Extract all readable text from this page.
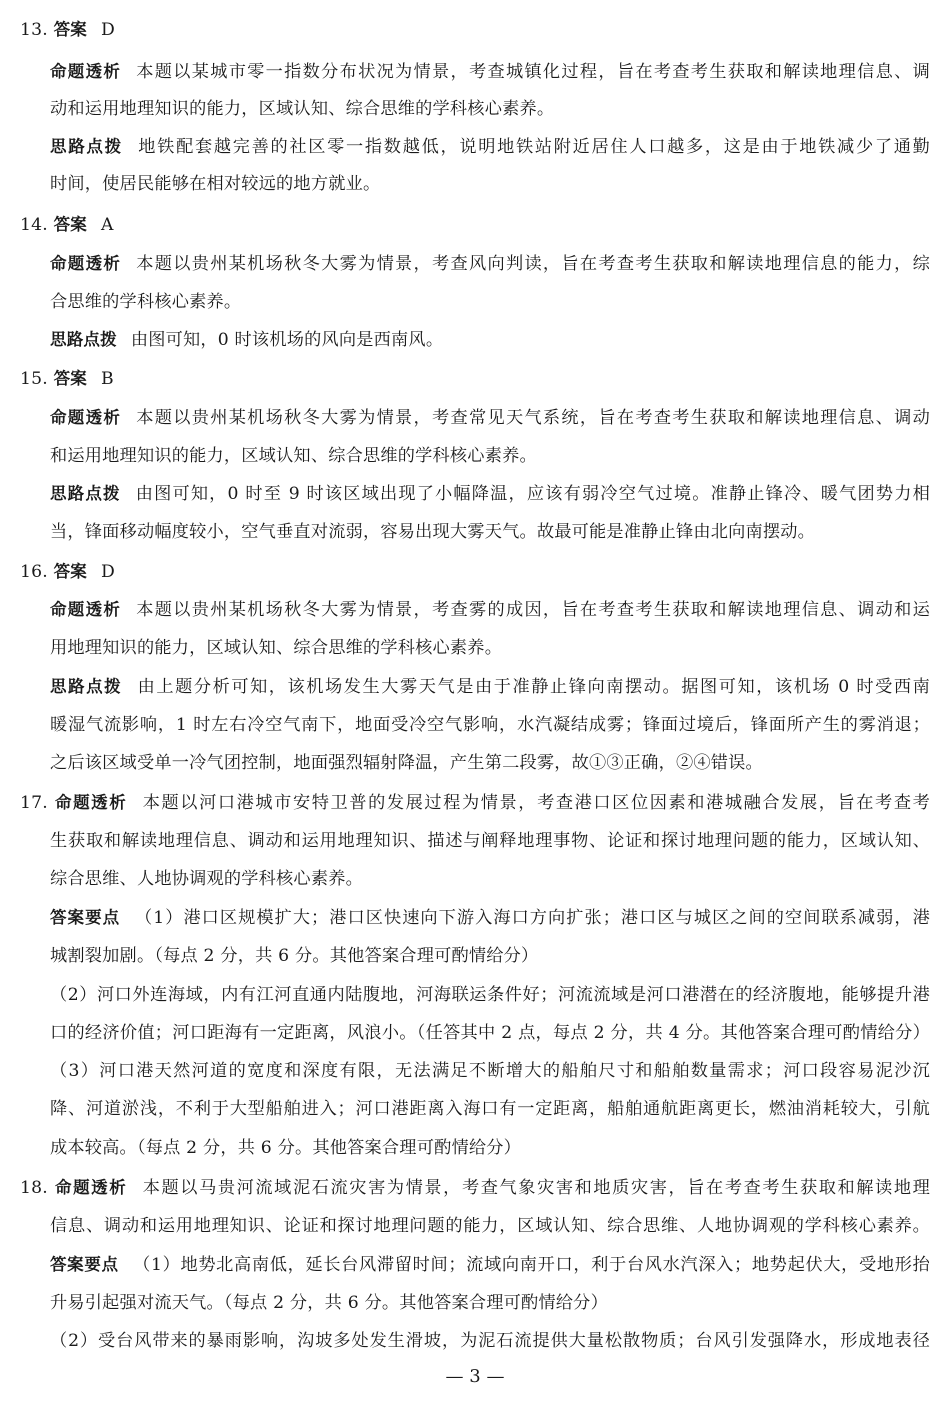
13. 答案 D
命题透析 本题以某城市零一指数分布状况为情景，考查城镇化过程，旨在考查考生获取和解读地理信息、调
动和运用地理知识的能力，区域认知、综合思维的学科核心素养。
思路点拨 地铁配套越完善的社区零一指数越低，说明地铁站附近居住人口越多，这是由于地铁减少了通勤
时间，使居民能够在相对较远的地方就业。
14. 答案 A
命题透析 本题以贵州某机场秋冬大雾为情景，考查风向判读，旨在考查考生获取和解读地理信息的能力，综
合思维的学科核心素养。
思路点拨 由图可知，0 时该机场的风向是西南风。
15. 答案 B
命题透析 本题以贵州某机场秋冬大雾为情景，考查常见天气系统，旨在考查考生获取和解读地理信息、调动
和运用地理知识的能力，区域认知、综合思维的学科核心素养。
思路点拨 由图可知，0 时至 9 时该区域出现了小幅降温，应该有弱冷空气过境。准静止锋冷、暖气团势力相
当，锋面移动幅度较小，空气垂直对流弱，容易出现大雾天气。故最可能是准静止锋由北向南摆动。
16. 答案 D
命题透析 本题以贵州某机场秋冬大雾为情景，考查雾的成因，旨在考查考生获取和解读地理信息、调动和运
用地理知识的能力，区域认知、综合思维的学科核心素养。
思路点拨 由上题分析可知，该机场发生大雾天气是由于准静止锋向南摆动。据图可知，该机场 0 时受西南
暖湿气流影响，1 时左右冷空气南下，地面受冷空气影响，水汽凝结成雾；锋面过境后，锋面所产生的雾消退；
之后该区域受单一冷气团控制，地面强烈辐射降温，产生第二段雾，故①③正确，②④错误。
17. 命题透析 本题以河口港城市安特卫普的发展过程为情景，考查港口区位因素和港城融合发展，旨在考查考
生获取和解读地理信息、调动和运用地理知识、描述与阐释地理事物、论证和探讨地理问题的能力，区域认知、
综合思维、人地协调观的学科核心素养。
答案要点 （1）港口区规模扩大；港口区快速向下游入海口方向扩张；港口区与城区之间的空间联系减弱，港
城割裂加剧。（每点 2 分，共 6 分。其他答案合理可酌情给分）
（2）河口外连海域，内有江河直通内陆腹地，河海联运条件好；河流流域是河口港潜在的经济腹地，能够提升港
口的经济价值；河口距海有一定距离，风浪小。（任答其中 2 点，每点 2 分，共 4 分。其他答案合理可酌情给分）
（3）河口港天然河道的宽度和深度有限，无法满足不断增大的船舶尺寸和船舶数量需求；河口段容易泥沙沉
降、河道淤浅，不利于大型船舶进入；河口港距离入海口有一定距离，船舶通航距离更长，燃油消耗较大，引航
成本较高。（每点 2 分，共 6 分。其他答案合理可酌情给分）
18. 命题透析 本题以马贵河流域泥石流灾害为情景，考查气象灾害和地质灾害，旨在考查考生获取和解读地理
信息、调动和运用地理知识、论证和探讨地理问题的能力，区域认知、综合思维、人地协调观的学科核心素养。
答案要点 （1）地势北高南低，延长台风滞留时间；流域向南开口，利于台风水汽深入；地势起伏大，受地形抬
升易引起强对流天气。（每点 2 分，共 6 分。其他答案合理可酌情给分）
（2）受台风带来的暴雨影响，沟坡多处发生滑坡，为泥石流提供大量松散物质；台风引发强降水，形成地表径
— 3 —
